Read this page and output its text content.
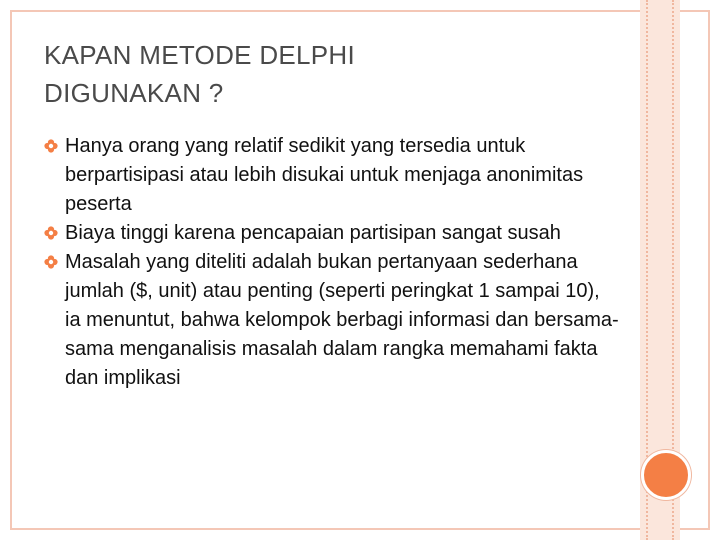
KAPAN METODE DELPHI
DIGUNAKAN ?
Hanya orang yang relatif sedikit yang tersedia untuk berpartisipasi atau lebih disukai untuk menjaga anonimitas peserta
Biaya tinggi karena pencapaian partisipan sangat susah
Masalah yang diteliti adalah bukan pertanyaan sederhana jumlah ($, unit) atau penting (seperti peringkat 1 sampai 10), ia menuntut, bahwa kelompok berbagi informasi dan bersama-sama menganalisis masalah dalam rangka memahami fakta dan implikasi
